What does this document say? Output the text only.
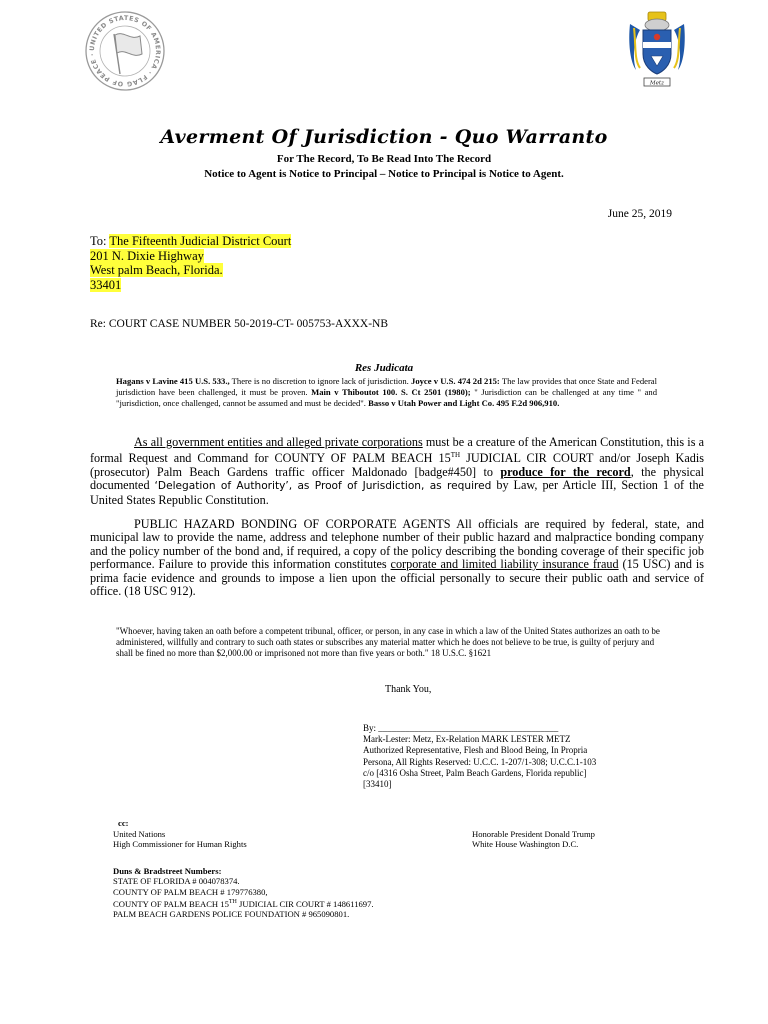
UNITED STATES OF AMERICA · FLAG OF PEACE ·
Metz
Averment Of Jurisdiction - Quo Warranto
For The Record, To Be Read Into The Record
Notice to Agent is Notice to Principal – Notice to Principal is Notice to Agent.
June 25, 2019
To: The Fifteenth Judicial District Court
201 N. Dixie Highway
West palm Beach, Florida.
33401
Re: COURT CASE NUMBER 50-2019-CT- 005753-AXXX-NB
Res Judicata
Hagans v Lavine 415 U.S. 533., There is no discretion to ignore lack of jurisdiction. Joyce v U.S. 474 2d 215: The law provides that once State and Federal jurisdiction have been challenged, it must be proven. Main v Thiboutot 100. S. Ct 2501 (1980); " Jurisdiction can be challenged at any time " and "jurisdiction, once challenged, cannot be assumed and must be decided". Basso v Utah Power and Light Co. 495 F.2d 906,910.
As all government entities and alleged private corporations must be a creature of the American Constitution, this is a formal Request and Command for COUNTY OF PALM BEACH 15TH JUDICIAL CIR COURT and/or Joseph Kadis (prosecutor) Palm Beach Gardens traffic officer Maldonado [badge#450] to produce for the record, the physical documented ‘Delegation of Authority’, as Proof of Jurisdiction, as required by Law, per Article III, Section 1 of the United States Republic Constitution.
PUBLIC HAZARD BONDING OF CORPORATE AGENTS All officials are required by federal, state, and municipal law to provide the name, address and telephone number of their public hazard and malpractice bonding company and the policy number of the bond and, if required, a copy of the policy describing the bonding coverage of their specific job performance. Failure to provide this information constitutes corporate and limited liability insurance fraud (15 USC) and is prima facie evidence and grounds to impose a lien upon the official personally to secure their public oath and service of office. (18 USC 912).
"Whoever, having taken an oath before a competent tribunal, officer, or person, in any case in which a law of the United States authorizes an oath to be administered, willfully and contrary to such oath states or subscribes any material matter which he does not believe to be true, is guilty of perjury and shall be fined no more than $2,000.00 or imprisoned not more than five years or both." 18 U.S.C. §1621
Thank You,
By: ________________________________________
Mark-Lester: Metz, Ex-Relation MARK LESTER METZ
Authorized Representative, Flesh and Blood Being, In Propria
Persona, All Rights Reserved: U.C.C. 1-207/1-308; U.C.C.1-103
c/o [4316 Osha Street, Palm Beach Gardens, Florida republic]
[33410]
cc:
United Nations
High Commissioner for Human Rights
Honorable President Donald Trump
White House Washington D.C.
Duns & Bradstreet Numbers:
STATE OF FLORIDA # 004078374.
COUNTY OF PALM BEACH # 179776380,
COUNTY OF PALM BEACH 15TH JUDICIAL CIR COURT # 148611697.
PALM BEACH GARDENS POLICE FOUNDATION # 965090801.
